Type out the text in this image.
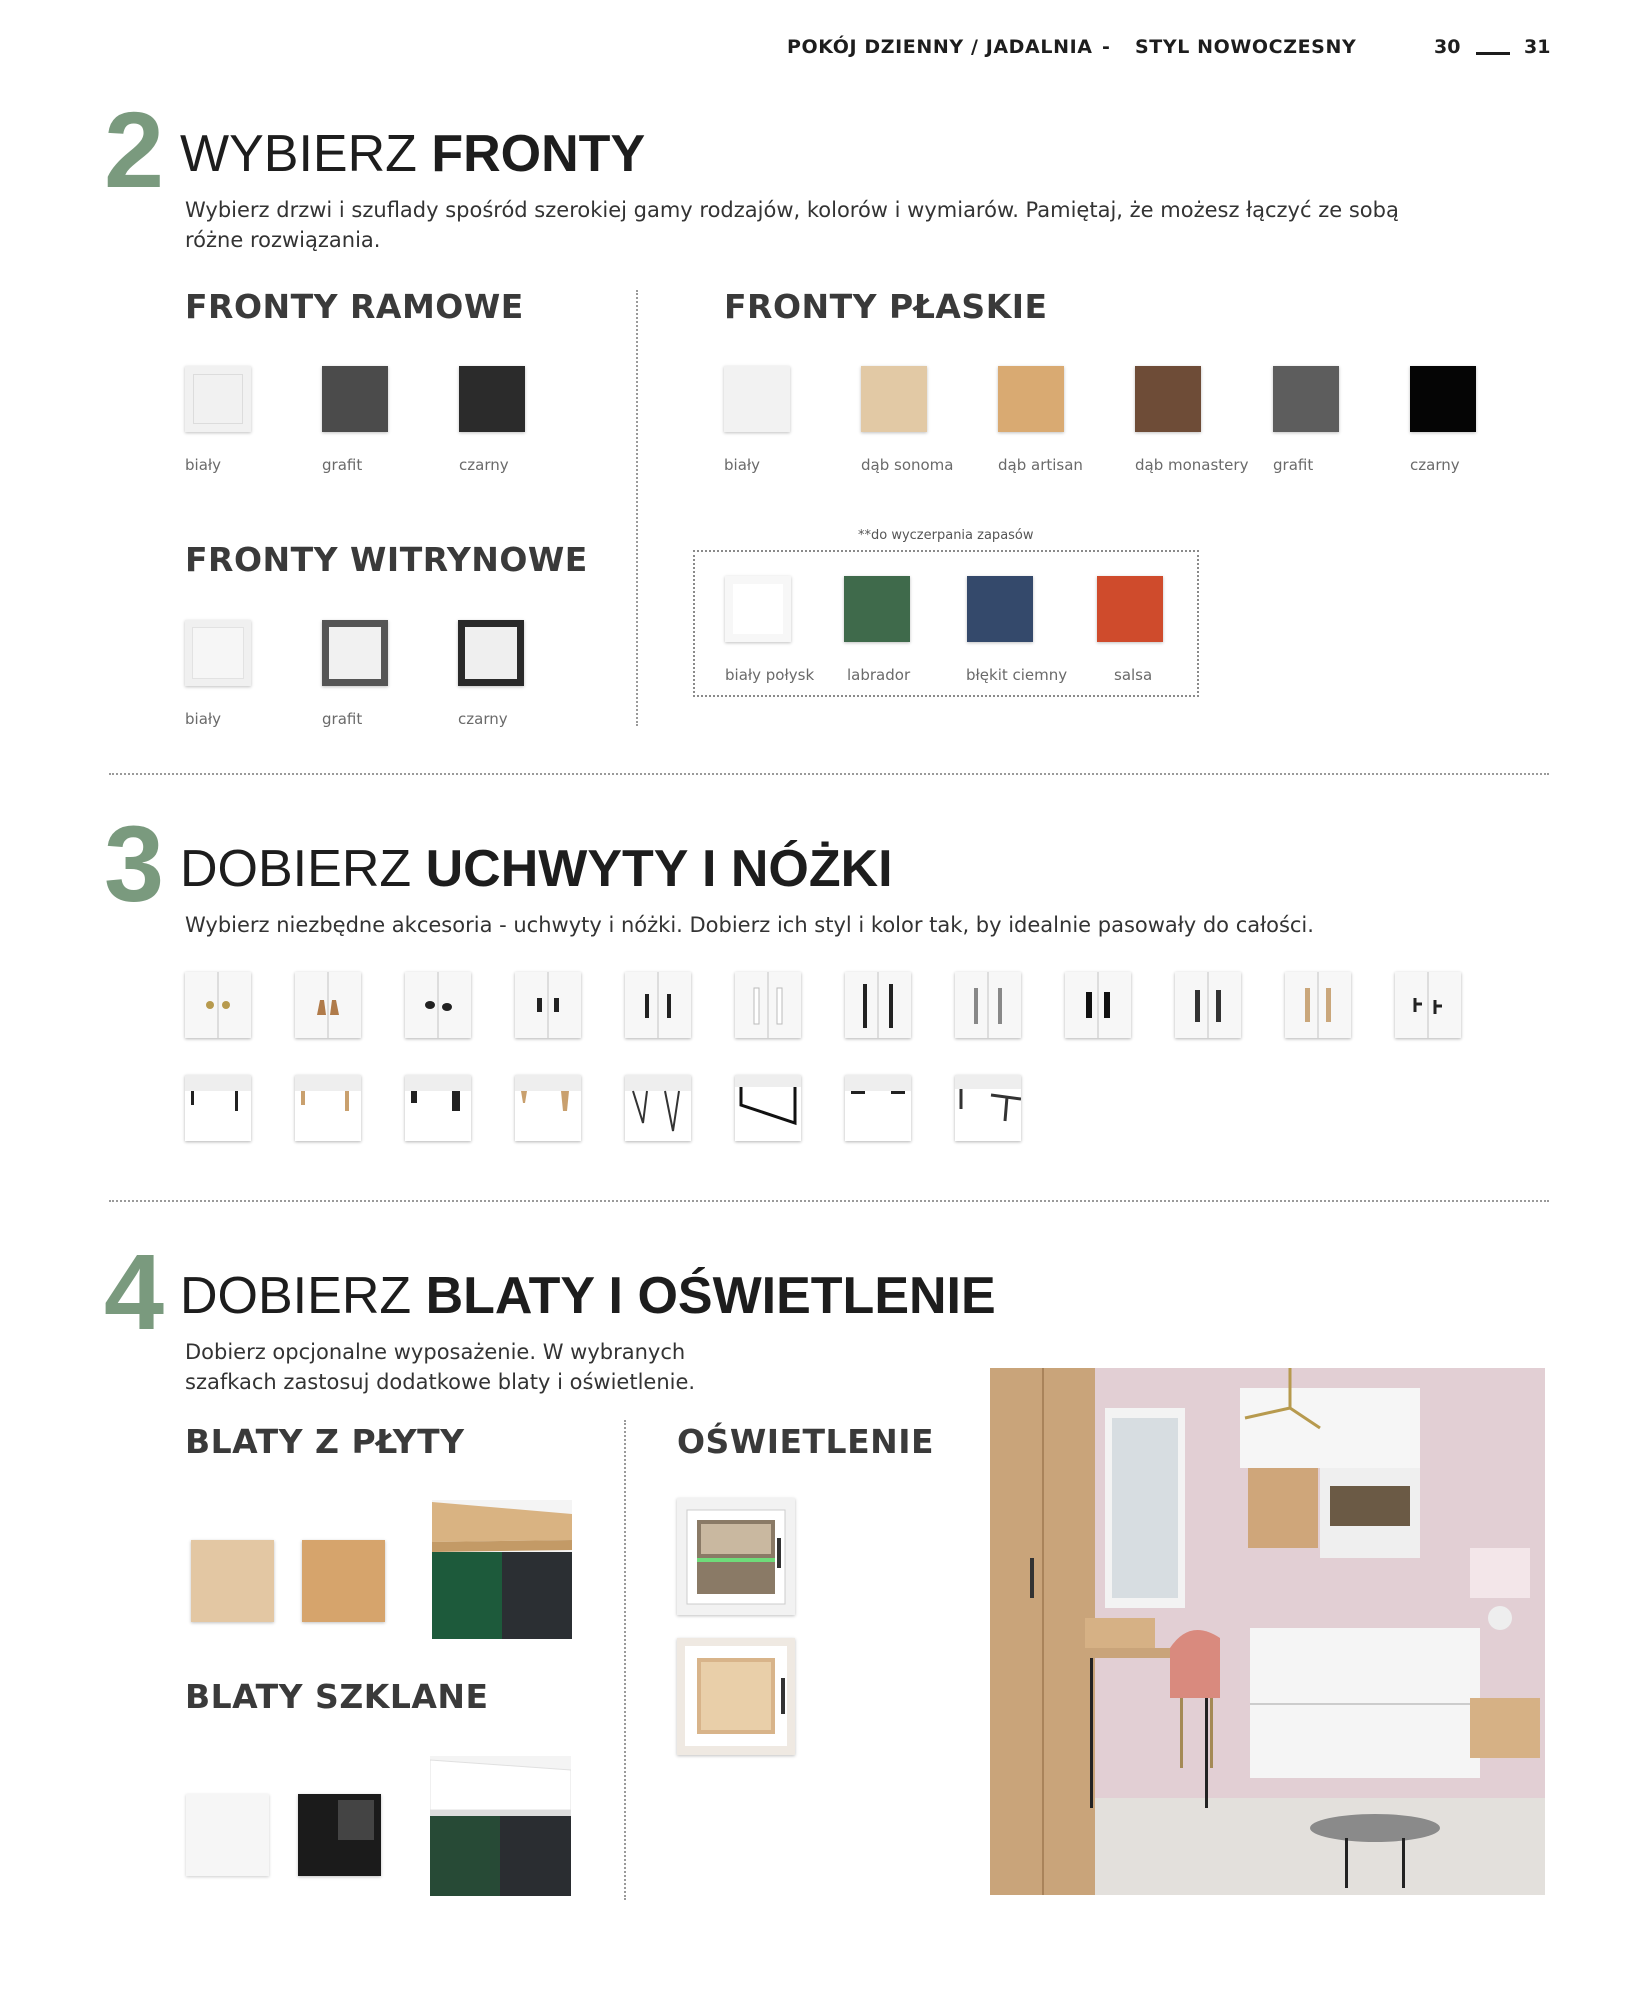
POKÓJ DZIENNY / JADALNIA - STYL NOWOCZESNY	30	31
2 WYBIERZ FRONTY
Wybierz drzwi i szuflady spośród szerokiej gamy rodzajów, kolorów i wymiarów. Pamiętaj, że możesz łączyć ze sobą różne rozwiązania.
FRONTY RAMOWE
biały	grafit	czarny
FRONTY WITRYNOWE
biały	grafit	czarny
FRONTY PŁASKIE
biały	dąb sonoma	dąb artisan	dąb monastery grafit	czarny
**do wyczerpania zapasów
biały połysk labrador	błękit ciemny	salsa
3 DOBIERZ UCHWYTY I NÓŻKI
Wybierz niezbędne akcesoria - uchwyty i nóżki. Dobierz ich styl i kolor tak, by idealnie pasowały do całości.
4 DOBIERZ BLATY I OŚWIETLENIE
Dobierz opcjonalne wyposażenie. W wybranych
szafkach zastosuj dodatkowe blaty i oświetlenie.
BLATY Z PŁYTY
BLATY SZKLANE
OŚWIETLENIE
